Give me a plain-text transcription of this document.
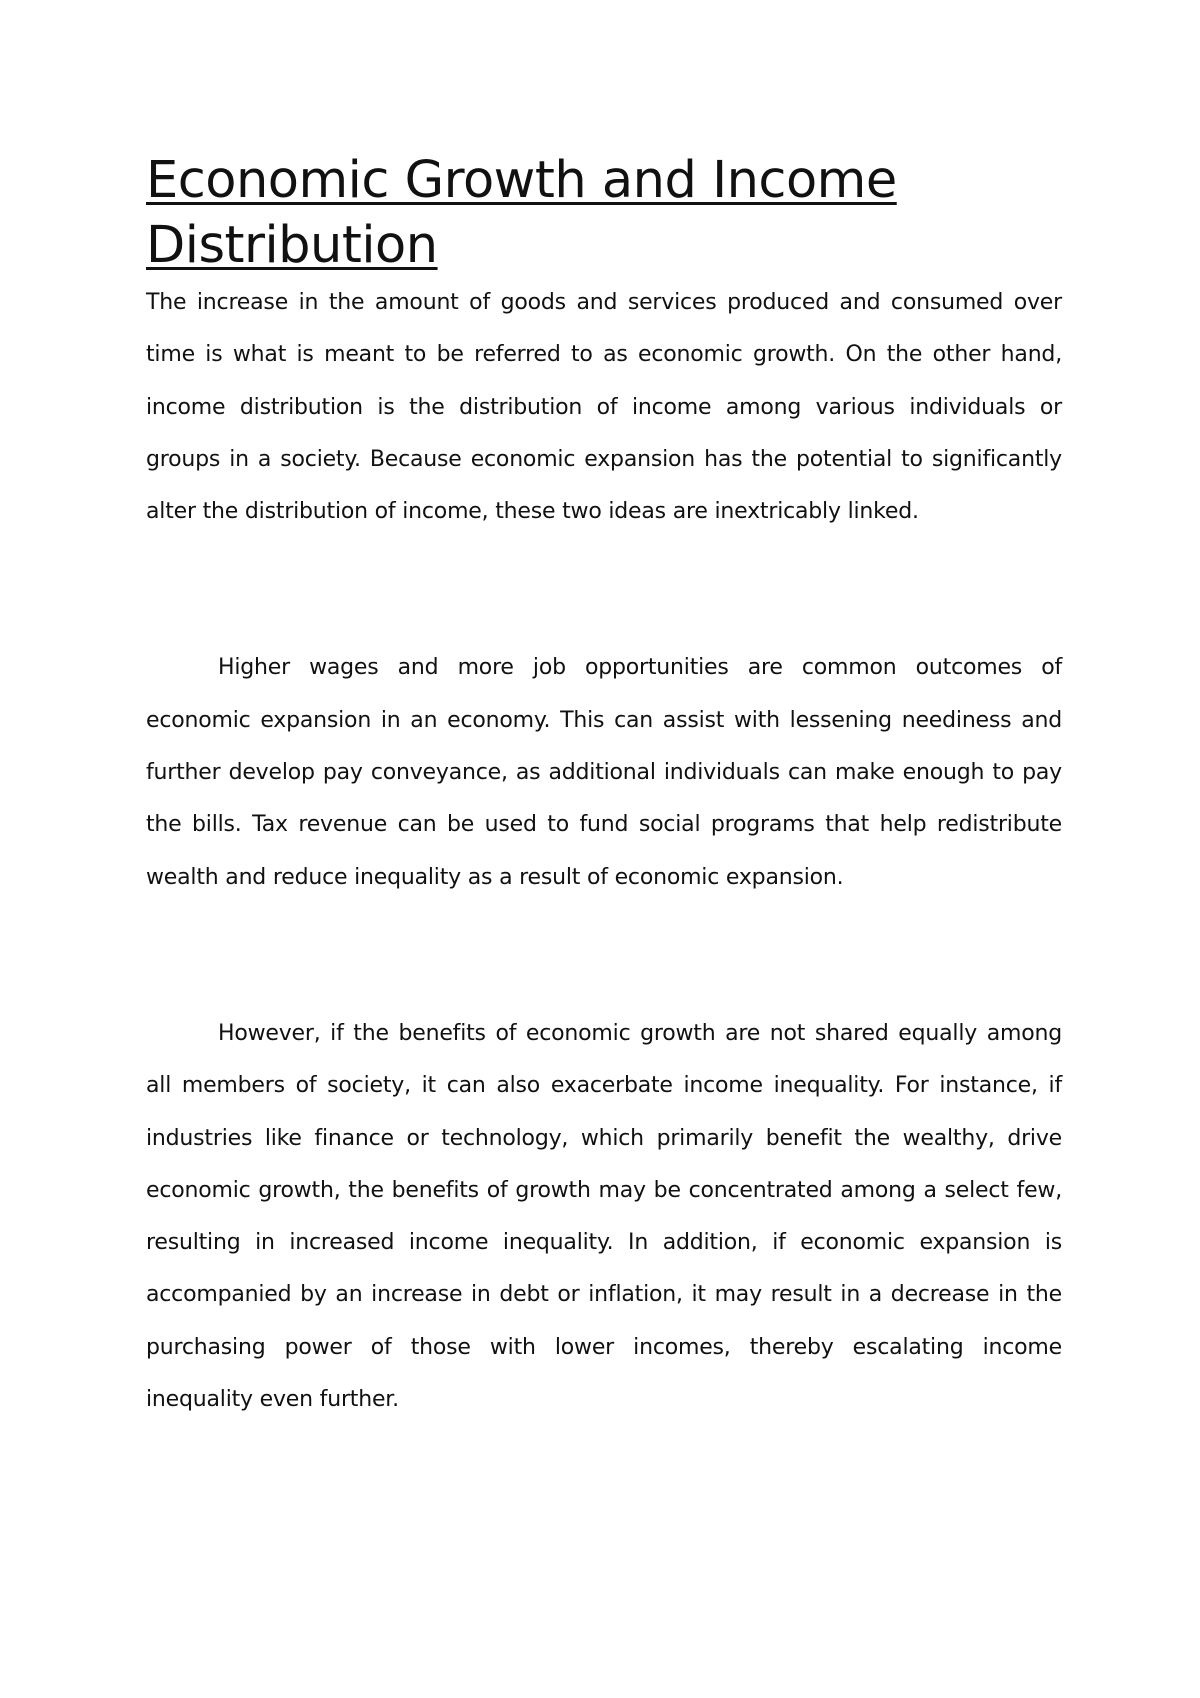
Economic Growth and Income Distribution

The increase in the amount of goods and services produced and consumed over time is what is meant to be referred to as economic growth. On the other hand, income distribution is the distribution of income among various individuals or groups in a society. Because economic expansion has the potential to significantly alter the distribution of income, these two ideas are inextricably linked.

Higher wages and more job opportunities are common outcomes of economic expansion in an economy. This can assist with lessening neediness and further develop pay conveyance, as additional individuals can make enough to pay the bills. Tax revenue can be used to fund social programs that help redistribute wealth and reduce inequality as a result of economic expansion.

However, if the benefits of economic growth are not shared equally among all members of society, it can also exacerbate income inequality. For instance, if industries like finance or technology, which primarily benefit the wealthy, drive economic growth, the benefits of growth may be concentrated among a select few, resulting in increased income inequality. In addition, if economic expansion is accompanied by an increase in debt or inflation, it may result in a decrease in the purchasing power of those with lower incomes, thereby escalating income inequality even further.
